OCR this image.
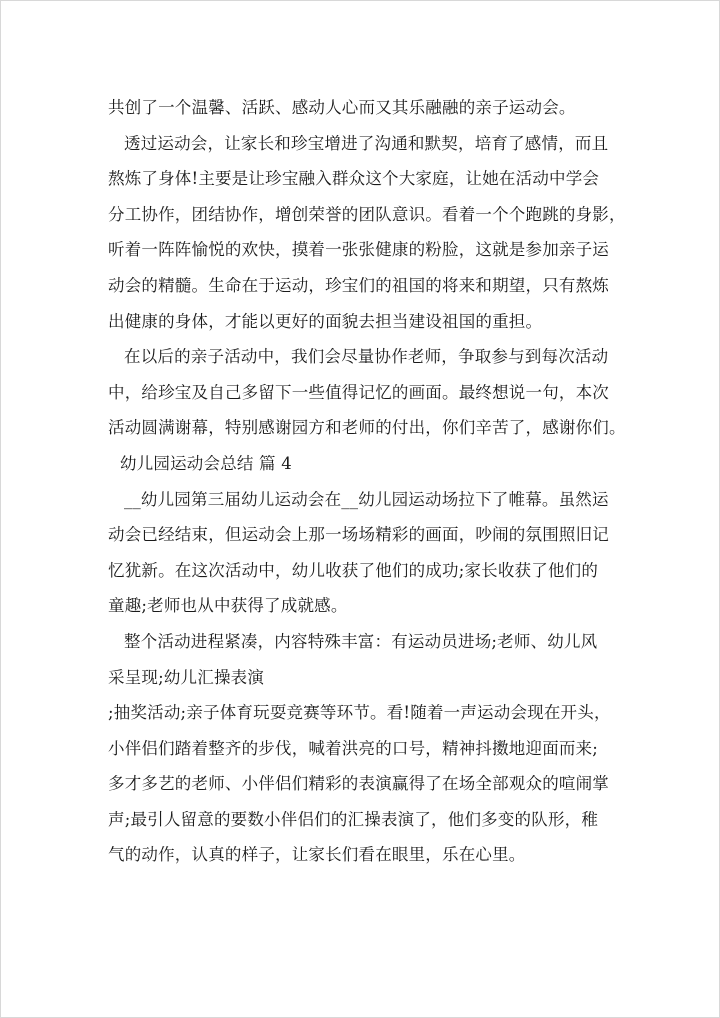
共创了一个温馨、活跃、感动人心而又其乐融融的亲子运动会。
透过运动会，让家长和珍宝增进了沟通和默契，培育了感情，而且
熬炼了身体!主要是让珍宝融入群众这个大家庭，让她在活动中学会
分工协作，团结协作，增创荣誉的团队意识。看着一个个跑跳的身影，
听着一阵阵愉悦的欢快，摸着一张张健康的粉脸，这就是参加亲子运
动会的精髓。生命在于运动，珍宝们的祖国的将来和期望，只有熬炼
出健康的身体，才能以更好的面貌去担当建设祖国的重担。
在以后的亲子活动中，我们会尽量协作老师，争取参与到每次活动
中，给珍宝及自己多留下一些值得记忆的画面。最终想说一句，本次
活动圆满谢幕，特别感谢园方和老师的付出，你们辛苦了，感谢你们。
幼儿园运动会总结 篇 4
__幼儿园第三届幼儿运动会在__幼儿园运动场拉下了帷幕。虽然运
动会已经结束，但运动会上那一场场精彩的画面，吵闹的氛围照旧记
忆犹新。在这次活动中，幼儿收获了他们的成功;家长收获了他们的
童趣;老师也从中获得了成就感。
整个活动进程紧凑，内容特殊丰富：有运动员进场;老师、幼儿风
采呈现;幼儿汇操表演
;抽奖活动;亲子体育玩耍竞赛等环节。看!随着一声运动会现在开头，
小伴侣们踏着整齐的步伐，喊着洪亮的口号，精神抖擞地迎面而来;
多才多艺的老师、小伴侣们精彩的表演赢得了在场全部观众的喧闹掌
声;最引人留意的要数小伴侣们的汇操表演了，他们多变的队形，稚
气的动作，认真的样子，让家长们看在眼里，乐在心里。
